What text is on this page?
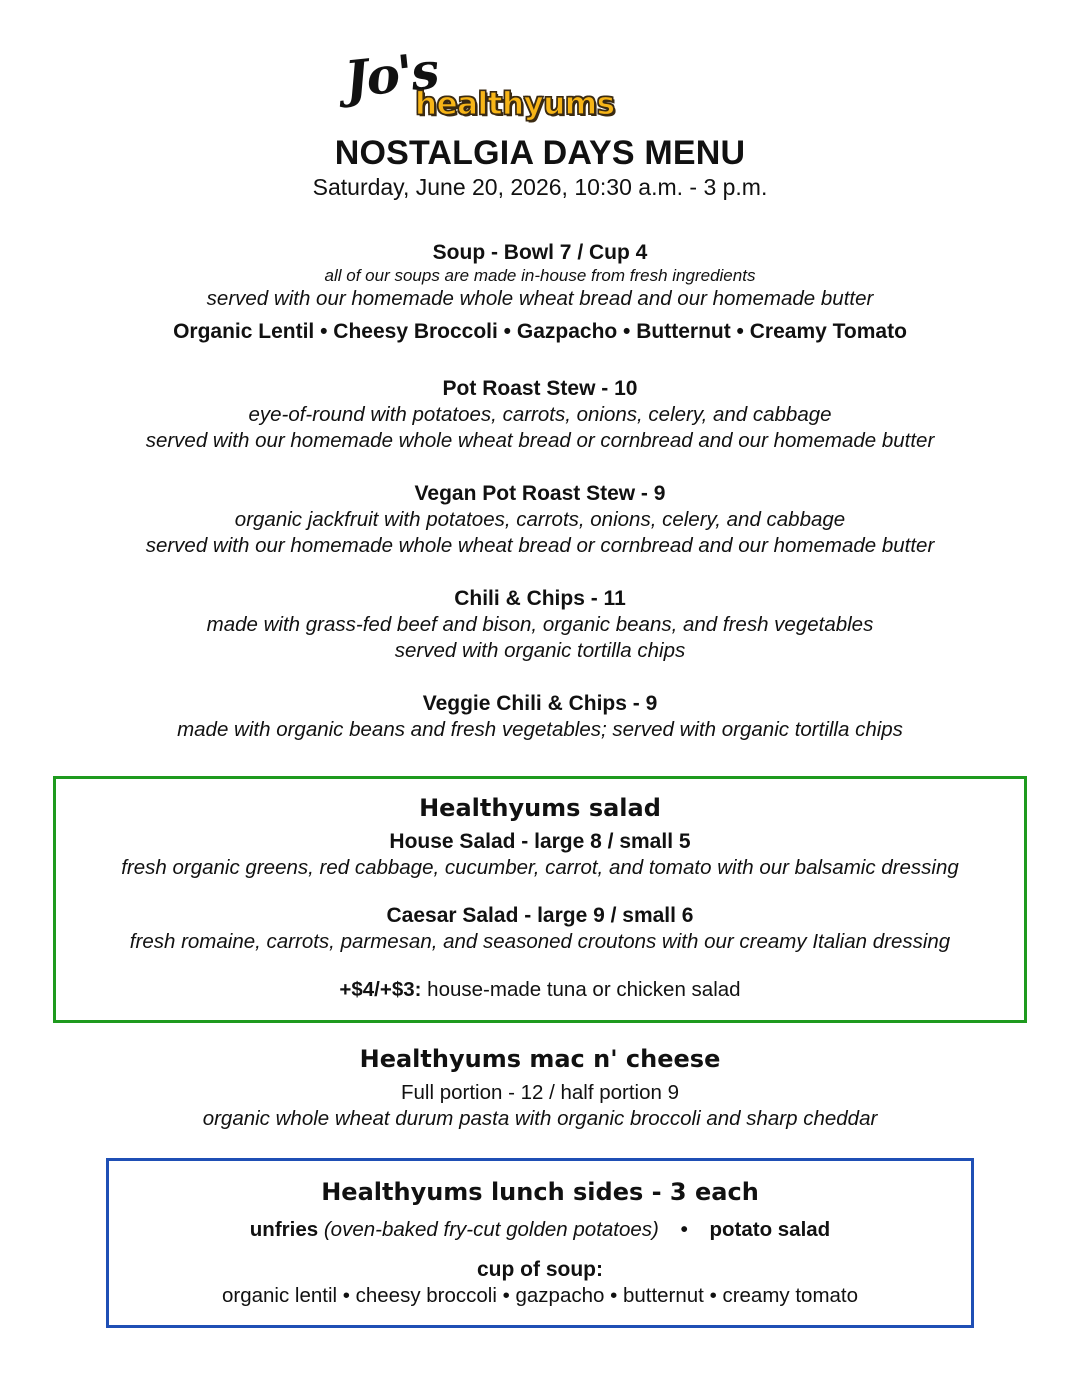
Jo's
healthyums
NOSTALGIA DAYS MENU
Saturday, June 20, 2026, 10:30 a.m. - 3 p.m.
Soup - Bowl 7 / Cup 4
all of our soups are made in-house from fresh ingredients
served with our homemade whole wheat bread and our homemade butter
Organic Lentil • Cheesy Broccoli • Gazpacho • Butternut • Creamy Tomato
Pot Roast Stew - 10
eye-of-round with potatoes, carrots, onions, celery, and cabbage
served with our homemade whole wheat bread or cornbread and our homemade butter
Vegan Pot Roast Stew - 9
organic jackfruit with potatoes, carrots, onions, celery, and cabbage
served with our homemade whole wheat bread or cornbread and our homemade butter
Chili & Chips - 11
made with grass-fed beef and bison, organic beans, and fresh vegetables
served with organic tortilla chips
Veggie Chili & Chips - 9
made with organic beans and fresh vegetables; served with organic tortilla chips
Healthyums salad
House Salad - large 8 / small 5
fresh organic greens, red cabbage, cucumber, carrot, and tomato with our balsamic dressing
Caesar Salad - large 9 / small 6
fresh romaine, carrots, parmesan, and seasoned croutons with our creamy Italian dressing
+$4/+$3: house-made tuna or chicken salad
Healthyums mac n' cheese
Full portion - 12 / half portion 9
organic whole wheat durum pasta with organic broccoli and sharp cheddar
Healthyums lunch sides - 3 each
unfries (oven-baked fry-cut golden potatoes) • potato salad
cup of soup:
organic lentil • cheesy broccoli • gazpacho • butternut • creamy tomato
